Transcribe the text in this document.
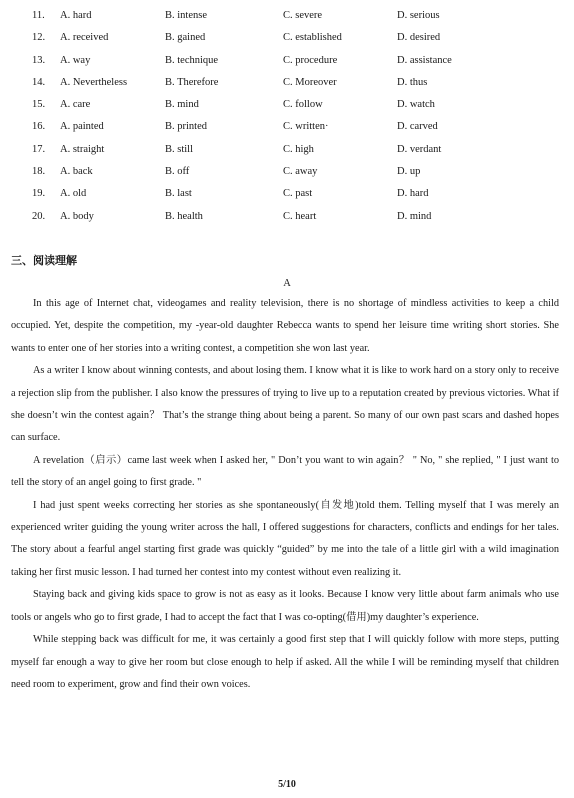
11. A. hard	B. intense	C. severe	D. serious
12. A. received	B. gained	C. established	D. desired
13. A. way	B. technique	C. procedure	D. assistance
14. A. Nevertheless	B. Therefore	C. Moreover	D. thus
15. A. care	B. mind	C. follow	D. watch
16. A. painted	B. printed	C. written·	D. carved
17. A. straight	B. still	C. high	D. verdant
18. A. back	B. off	C. away	D. up
19. A. old	B. last	C. past	D. hard
20. A. body	B. health	C. heart	D. mind
三、阅读理解
A

In this age of Internet chat, videogames and reality television, there is no shortage of mindless activities to keep a child occupied. Yet, despite the competition, my -year-old daughter Rebecca wants to spend her leisure time writing short stories. She wants to enter one of her stories into a writing contest, a competition she won last year.

As a writer I know about winning contests, and about losing them. I know what it is like to work hard on a story only to receive a rejection slip from the publisher. I also know the pressures of trying to live up to a reputation created by previous victories. What if she doesn’t win the contest again？ That’s the strange thing about being a parent. So many of our own past scars and dashed hopes can surface.

A revelation（启示）came last week when I asked her, " Don’t you want to win again？ " No, " she replied, " I just want to tell the story of an angel going to first grade. "

I had just spent weeks correcting her stories as she spontaneously(自发地)told them. Telling myself that I was merely an experienced writer guiding the young writer across the hall, I offered suggestions for characters, conflicts and endings for her tales. The story about a fearful angel starting first grade was quickly “guided” by me into the tale of a little girl with a wild imagination taking her first music lesson. I had turned her contest into my contest without even realizing it.

Staying back and giving kids space to grow is not as easy as it looks. Because I know very little about farm animals who use tools or angels who go to first grade, I had to accept the fact that I was co-opting(借用)my daughter’s experience.

While stepping back was difficult for me, it was certainly a good first step that I will quickly follow with more steps, putting myself far enough a way to give her room but close enough to help if asked. All the while I will be reminding myself that children need room to experiment, grow and find their own voices.

5/10
